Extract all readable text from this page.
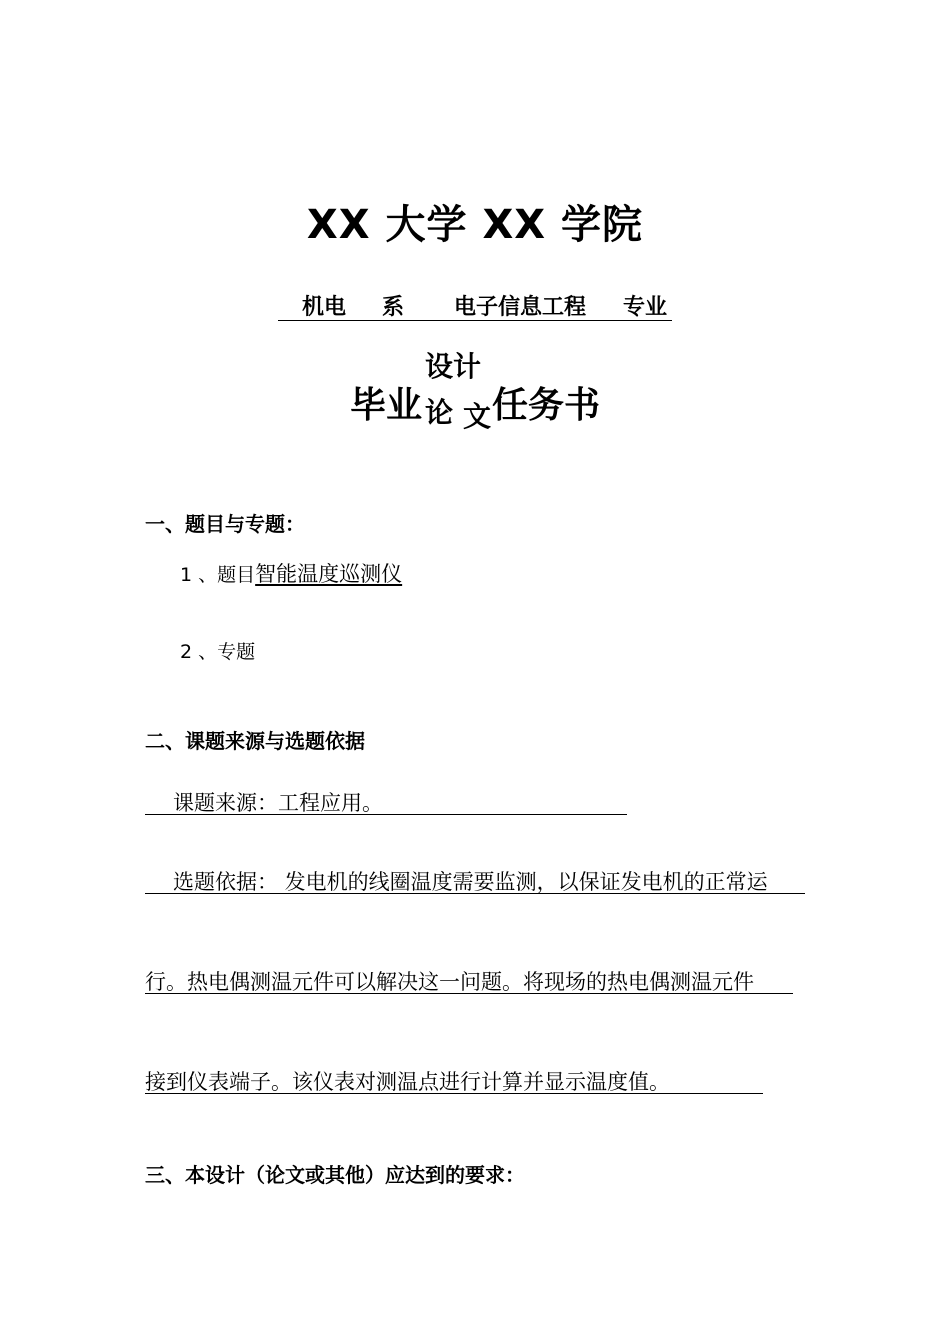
XX 大学 XX 学院
机电 系 电子信息工程 专业
毕业
设计
论 文 任务书
一、题目与专题：
1 、题目智能温度巡测仪
2 、专题
二、课题来源与选题依据
课题来源：工程应用。
选题依据： 发电机的线圈温度需要监测，以保证发电机的正常运
行。热电偶测温元件可以解决这一问题。将现场的热电偶测温元件
接到仪表端子。该仪表对测温点进行计算并显示温度值。
三、本设计（论文或其他）应达到的要求：
